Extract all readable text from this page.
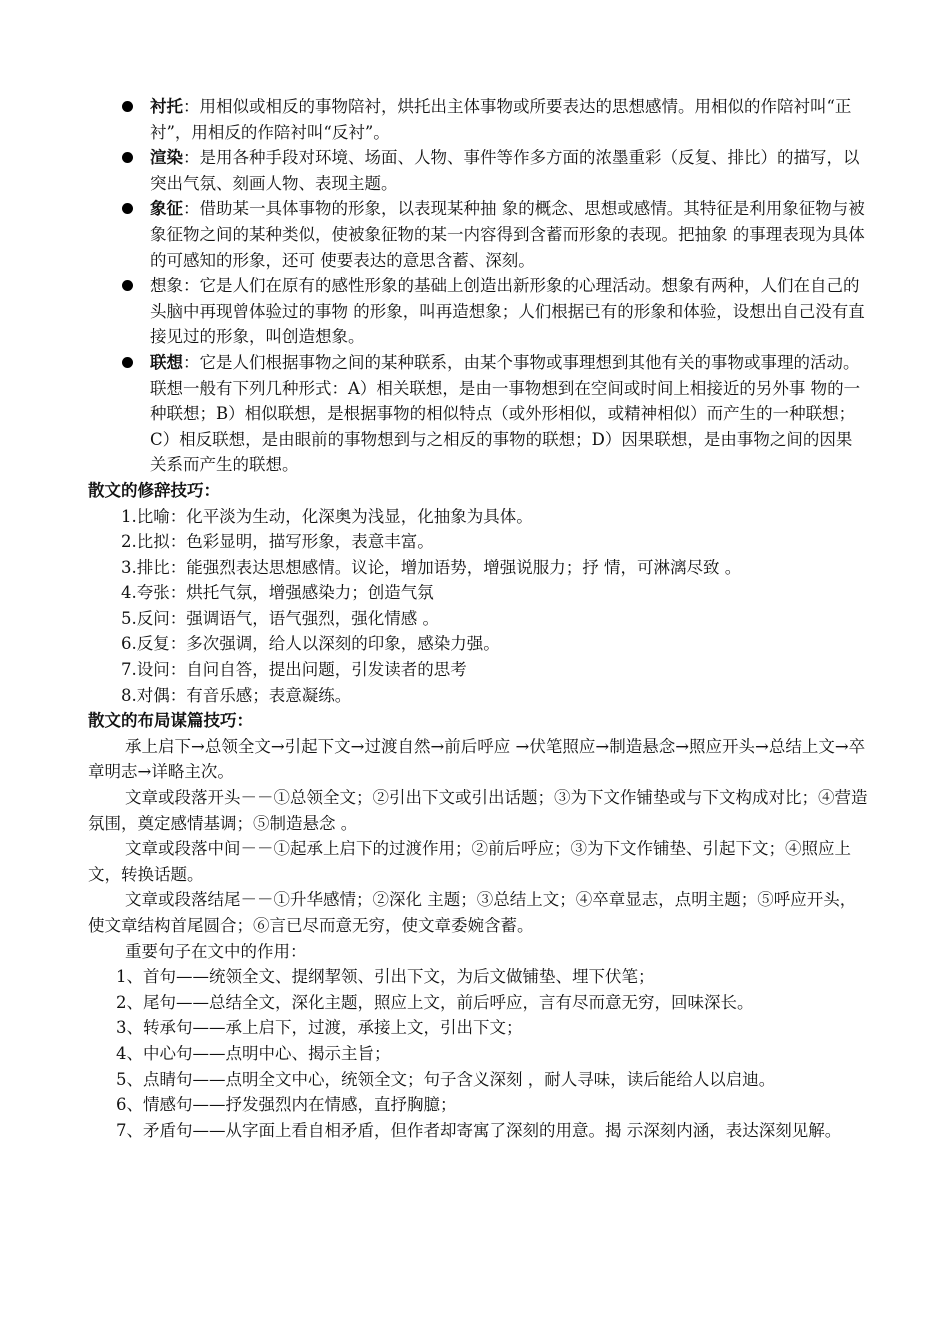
衬托：用相似或相反的事物陪衬，烘托出主体事物或所要表达的思想感情。用相似的作陪衬叫“正衬”，用相反的作陪衬叫“反衬”。
渲染：是用各种手段对环境、场面、人物、事件等作多方面的浓墨重彩（反复、排比）的描写，以突出气氛、刻画人物、表现主题。
象征：借助某一具体事物的形象，以表现某种抽 象的概念、思想或感情。其特征是利用象征物与被象征物之间的某种类似，使被象征物的某一内容得到含蓄而形象的表现。把抽象 的事理表现为具体的可感知的形象，还可 使要表达的意思含蓄、深刻。
想象：它是人们在原有的感性形象的基础上创造出新形象的心理活动。想象有两种，人们在自己的头脑中再现曾体验过的事物 的形象，叫再造想象；人们根据已有的形象和体验，设想出自己没有直接见过的形象，叫创造想象。
联想：它是人们根据事物之间的某种联系，由某个事物或事理想到其他有关的事物或事理的活动。联想一般有下列几种形式：A）相关联想，是由一事物想到在空间或时间上相接近的另外事 物的一种联想；B）相似联想，是根据事物的相似特点（或外形相似，或精神相似）而产生的一种联想；C）相反联想，是由眼前的事物想到与之相反的事物的联想；D）因果联想，是由事物之间的因果关系而产生的联想。
散文的修辞技巧：
1.比喻：化平淡为生动，化深奥为浅显，化抽象为具体。
2.比拟：色彩显明，描写形象，表意丰富。
3.排比：能强烈表达思想感情。议论，增加语势，增强说服力；抒 情，可淋漓尽致 。
4.夸张：烘托气氛，增强感染力；创造气氛
5.反问：强调语气，语气强烈，强化情感 。
6.反复：多次强调，给人以深刻的印象，感染力强。
7.设问：自问自答，提出问题，引发读者的思考
8.对偶：有音乐感；表意凝练。
散文的布局谋篇技巧：

承上启下→总领全文→引起下文→过渡自然→前后呼应 →伏笔照应→制造悬念→照应开头→总结上文→卒章明志→详略主次。

文章或段落开头－－①总领全文；②引出下文或引出话题；③为下文作铺垫或与下文构成对比；④营造氛围，奠定感情基调；⑤制造悬念 。

文章或段落中间－－①起承上启下的过渡作用；②前后呼应；③为下文作铺垫、引起下文；④照应上文，转换话题。

文章或段落结尾－－①升华感情；②深化 主题；③总结上文；④卒章显志，点明主题；⑤呼应开头，使文章结构首尾圆合；⑥言已尽而意无穷，使文章委婉含蓄。

重要句子在文中的作用：

1、首句——统领全文、提纲挈领、引出下文，为后文做铺垫、埋下伏笔；
2、尾句——总结全文，深化主题，照应上文，前后呼应，言有尽而意无穷，回味深长。
3、转承句——承上启下，过渡，承接上文，引出下文；
4、中心句——点明中心、揭示主旨；
5、点睛句——点明全文中心，统领全文；句子含义深刻 ，耐人寻味，读后能给人以启迪。
6、情感句——抒发强烈内在情感，直抒胸臆；
7、矛盾句——从字面上看自相矛盾，但作者却寄寓了深刻的用意。揭 示深刻内涵，表达深刻见解。
